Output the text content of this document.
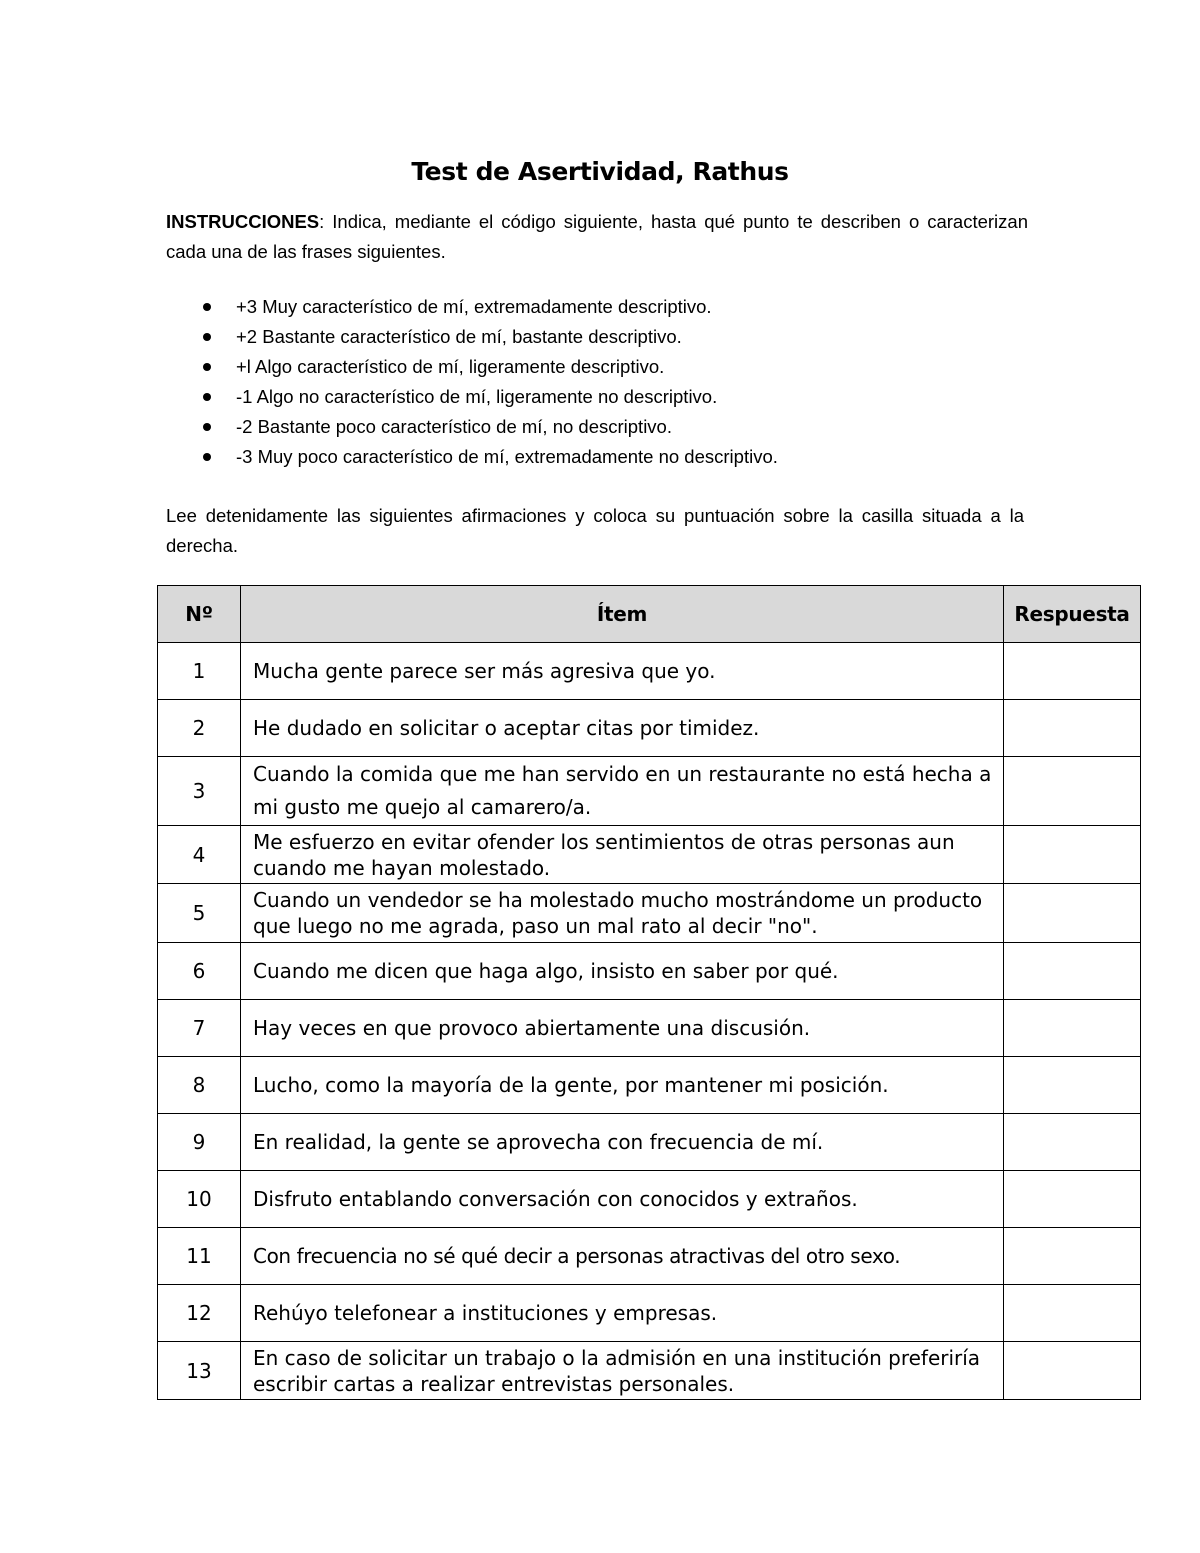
Test de Asertividad, Rathus
INSTRUCCIONES: Indica, mediante el código siguiente, hasta qué punto te describen o caracterizan cada una de las frases siguientes.
+3 Muy característico de mí, extremadamente descriptivo.
+2 Bastante característico de mí, bastante descriptivo.
+l Algo característico de mí, ligeramente descriptivo.
-1 Algo no característico de mí, ligeramente no descriptivo.
-2 Bastante poco característico de mí, no descriptivo.
-3 Muy poco característico de mí, extremadamente no descriptivo.
Lee detenidamente las siguientes afirmaciones y coloca su puntuación sobre la casilla situada a la derecha.
Nº	Ítem	Respuesta
1	Mucha gente parece ser más agresiva que yo.	
2	He dudado en solicitar o aceptar citas por timidez.	
3	Cuando la comida que me han servido en un restaurante no está hecha a mi gusto me quejo al camarero/a.	
4	Me esfuerzo en evitar ofender los sentimientos de otras personas aun cuando me hayan molestado.	
5	Cuando un vendedor se ha molestado mucho mostrándome un producto que luego no me agrada, paso un mal rato al decir "no".	
6	Cuando me dicen que haga algo, insisto en saber por qué.	
7	Hay veces en que provoco abiertamente una discusión.	
8	Lucho, como la mayoría de la gente, por mantener mi posición.	
9	En realidad, la gente se aprovecha con frecuencia de mí.	
10	Disfruto entablando conversación con conocidos y extraños.	
11	Con frecuencia no sé qué decir a personas atractivas del otro sexo.	
12	Rehúyo telefonear a instituciones y empresas.	
13	En caso de solicitar un trabajo o la admisión en una institución preferiría escribir cartas a realizar entrevistas personales.	
